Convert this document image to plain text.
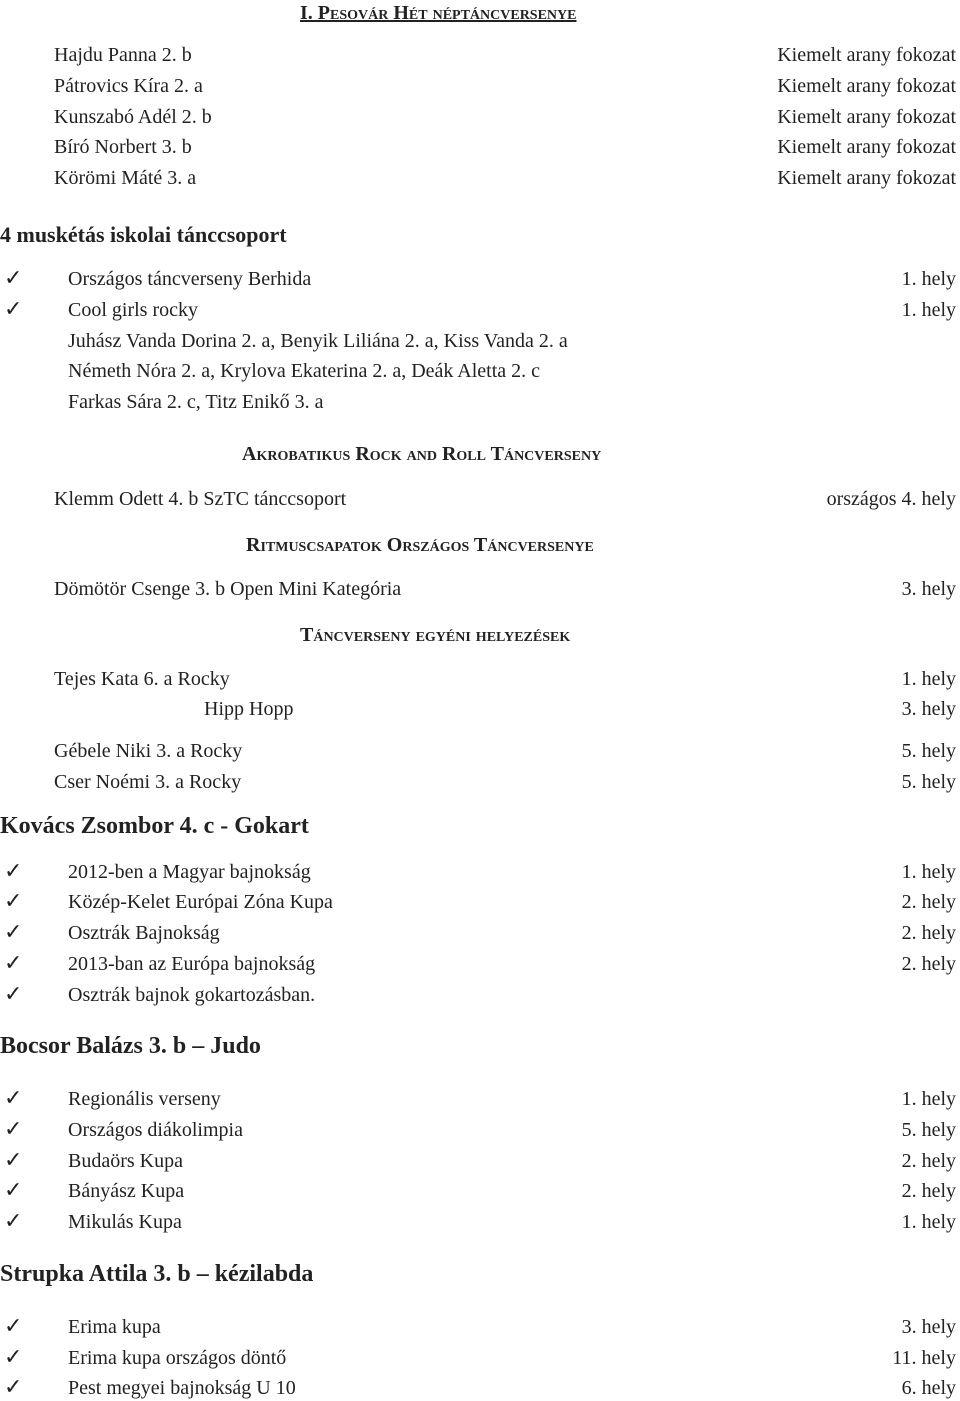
I. Pesovár Hét néptáncversenye
Hajdu Panna 2. b	Kiemelt arany fokozat
Pátrovics Kíra 2. a	Kiemelt arany fokozat
Kunszabó Adél 2. b	Kiemelt arany fokozat
Bíró Norbert 3. b	Kiemelt arany fokozat
Körömi Máté 3. a	Kiemelt arany fokozat
4 muskétás iskolai tánccsoport
✓	Országos táncverseny Berhida	1. hely
✓	Cool girls rocky	1. hely
Juhász Vanda Dorina 2. a, Benyik Liliána 2. a, Kiss Vanda 2. a
Németh Nóra 2. a, Krylova Ekaterina 2. a, Deák Aletta 2. c
Farkas Sára 2. c, Titz Enikő 3. a
Akrobatikus Rock and Roll Táncverseny
Klemm Odett 4. b SzTC tánccsoport	országos 4. hely
Ritmuscsapatok Országos Táncversenye
Dömötör Csenge 3. b Open Mini Kategória	3. hely
Táncverseny egyéni helyezések
Tejes Kata 6. a Rocky	1. hely
Hipp Hopp	3. hely
Gébele Niki 3. a Rocky	5. hely
Cser Noémi 3. a Rocky	5. hely
Kovács Zsombor 4. c - Gokart
✓	2012-ben a Magyar bajnokság	1. hely
✓	Közép-Kelet Európai Zóna Kupa	2. hely
✓	Osztrák Bajnokság	2. hely
✓	2013-ban az Európa bajnokság	2. hely
✓	Osztrák bajnok gokartozásban.
Bocsor Balázs 3. b – Judo
✓	Regionális verseny	1. hely
✓	Országos diákolimpia	5. hely
✓	Budaörs Kupa	2. hely
✓	Bányász Kupa	2. hely
✓	Mikulás Kupa	1. hely
Strupka Attila 3. b – kézilabda
✓	Erima kupa	3. hely
✓	Erima kupa országos döntő	11. hely
✓	Pest megyei bajnokság U 10	6. hely
